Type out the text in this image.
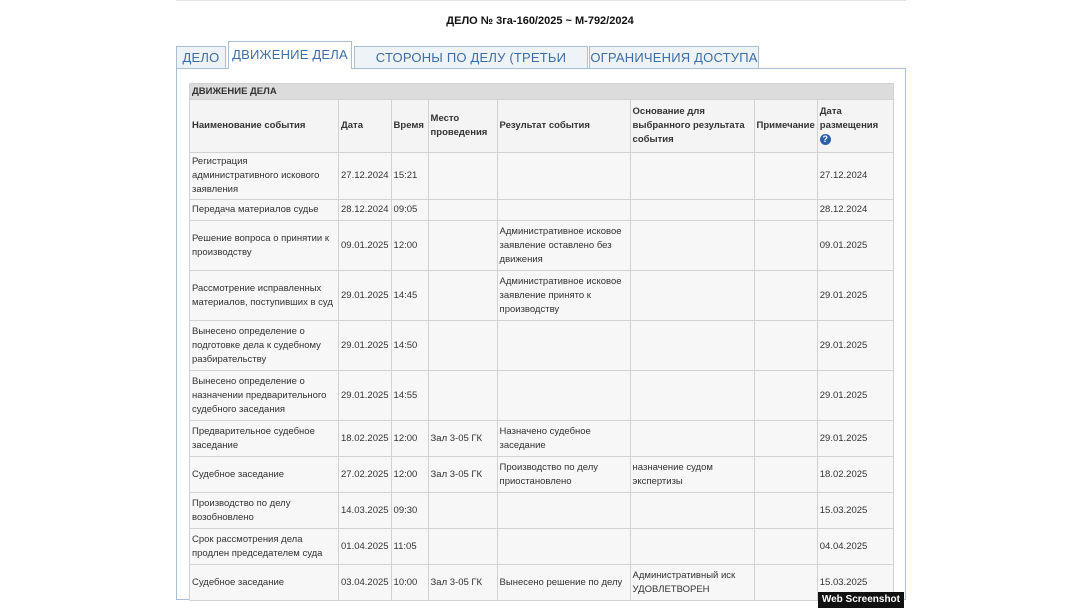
ДЕЛО № 3га-160/2025 ~ М-792/2024
ДЕЛО ДВИЖЕНИЕ ДЕЛА	СТОРОНЫ ПО ДЕЛУ (ТРЕТЬИ	ОГРАНИЧЕНИЯ ДОСТУПА
ДВИЖЕНИЕ ДЕЛА							
Наименование события	Дата	Время	Место проведения	Результат события	Основание для выбранного результата события	Примечание	Дата размещения
?
Регистрация административного искового заявления	27.12.2024	15:21					27.12.2024
Передача материалов судье	28.12.2024	09:05					28.12.2024
Решение вопроса о принятии к производству	09.01.2025	12:00		Административное исковое заявление оставлено без движения			09.01.2025
Рассмотрение исправленных материалов, поступивших в суд	29.01.2025	14:45		Административное исковое заявление принято к производству			29.01.2025
Вынесено определение о подготовке дела к судебному разбирательству	29.01.2025	14:50					29.01.2025
Вынесено определение о назначении предварительного судебного заседания	29.01.2025	14:55					29.01.2025
Предварительное судебное заседание	18.02.2025	12:00	Зал 3-05 ГК	Назначено судебное заседание			29.01.2025
Судебное заседание	27.02.2025	12:00	Зал 3-05 ГК	Производство по делу приостановлено	назначение судом экспертизы		18.02.2025
Производство по делу возобновлено	14.03.2025	09:30					15.03.2025
Срок рассмотрения дела продлен председателем суда	01.04.2025	11:05					04.04.2025
Судебное заседание	03.04.2025	10:00	Зал 3-05 ГК	Вынесено решение по делу	Административный иск УДОВЛЕТВОРЕН		15.03.2025
Web Screenshot
